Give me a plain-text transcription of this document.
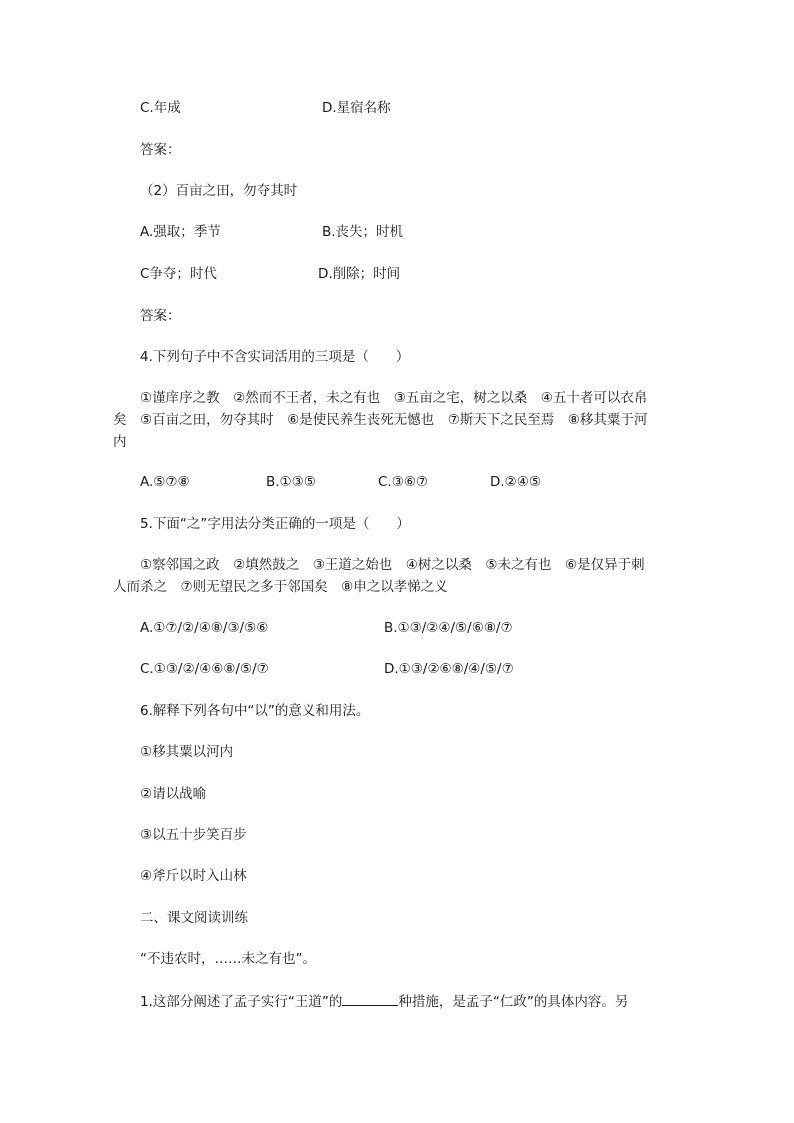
C.年成	D.星宿名称
答案：
（2）百亩之田，勿夺其时
A.强取；季节	B.丧失；时机
C争夺；时代	D.削除；时间
答案：
4.下列句子中不含实词活用的三项是（　　）
①谨庠序之教　②然而不王者，未之有也　③五亩之宅，树之以桑　④五十者可以衣帛
矣　⑤百亩之田，勿夺其时　⑥是使民养生丧死无憾也　⑦斯天下之民至焉　⑧移其粟于河
内
A.⑤⑦⑧	B.①③⑤	C.③⑥⑦	D.②④⑤
5.下面“之”字用法分类正确的一项是（　　）
①察邻国之政　②填然鼓之　③王道之始也　④树之以桑　⑤未之有也　⑥是仅异于刺
人而杀之　⑦则无望民之多于邻国矣　⑧申之以孝悌之义
A.①⑦/②/④⑧/③/⑤⑥	B.①③/②④/⑤/⑥⑧/⑦
C.①③/②/④⑥⑧/⑤/⑦	D.①③/②⑥⑧/④/⑤/⑦
6.解释下列各句中“以”的意义和用法。
①移其粟以河内
②请以战喻
③以五十步笑百步
④斧斤以时入山林
二、课文阅读训练
“不违农时，……未之有也”。
1.这部分阐述了孟子实行“王道”的	种措施，是孟子“仁政”的具体内容。另
